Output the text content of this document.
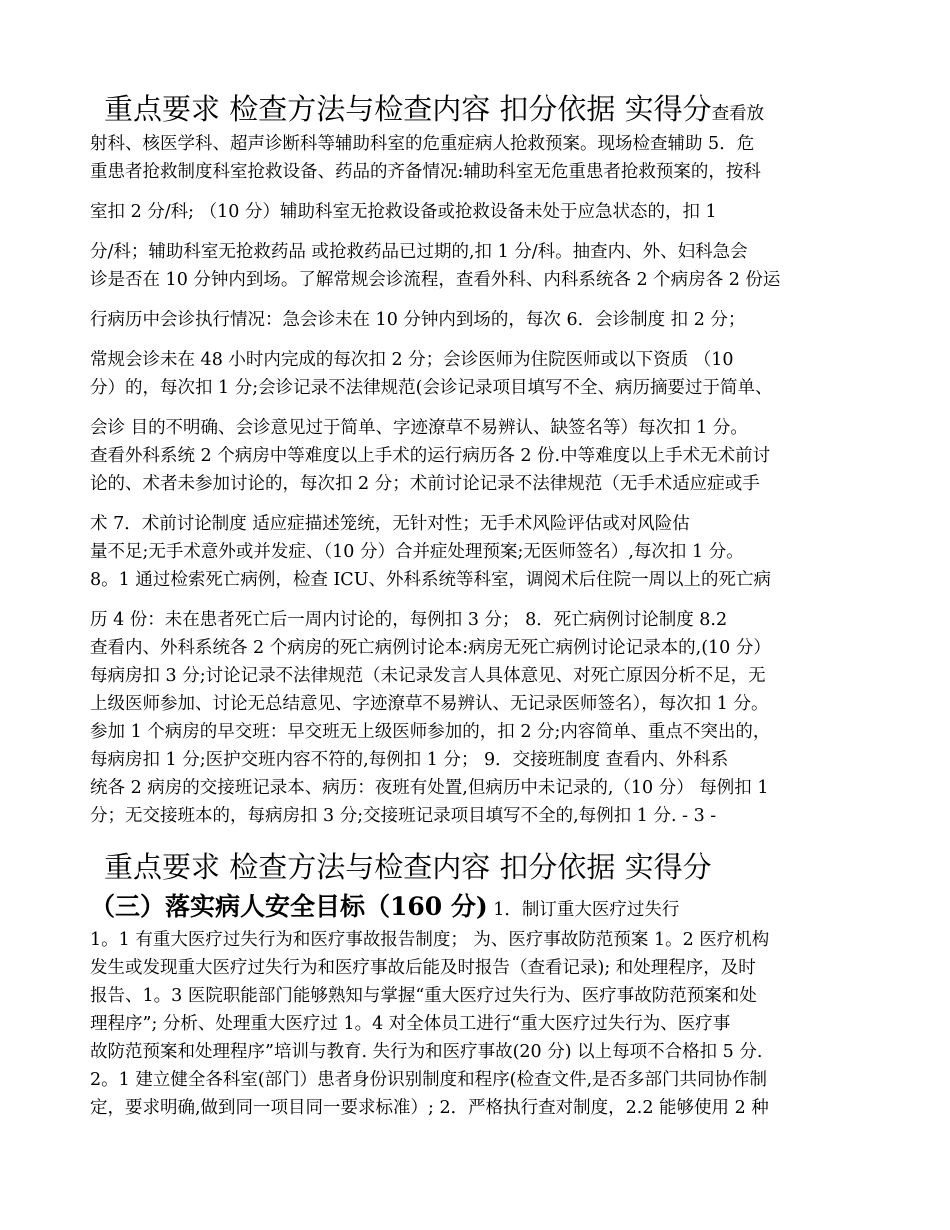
重点要求 检查方法与检查内容 扣分依据 实得分查看放
射科、核医学科、超声诊断科等辅助科室的危重症病人抢救预案。现场检查辅助 5．危
重患者抢救制度科室抢救设备、药品的齐备情况:辅助科室无危重患者抢救预案的，按科
室扣 2 分/科; （10 分）辅助科室无抢救设备或抢救设备未处于应急状态的，扣 1
分/科；辅助科室无抢救药品 或抢救药品已过期的,扣 1 分/科。抽查内、外、妇科急会
诊是否在 10 分钟内到场。了解常规会诊流程，查看外科、内科系统各 2 个病房各 2 份运
行病历中会诊执行情况：急会诊未在 10 分钟内到场的，每次 6．会诊制度 扣 2 分；
常规会诊未在 48 小时内完成的每次扣 2 分；会诊医师为住院医师或以下资质 （10
分）的，每次扣 1 分;会诊记录不法律规范(会诊记录项目填写不全、病历摘要过于简单、
会诊 目的不明确、会诊意见过于简单、字迹潦草不易辨认、缺签名等）每次扣 1 分。
查看外科系统 2 个病房中等难度以上手术的运行病历各 2 份.中等难度以上手术无术前讨
论的、术者未参加讨论的，每次扣 2 分；术前讨论记录不法律规范（无手术适应症或手
术 7．术前讨论制度 适应症描述笼统，无针对性；无手术风险评估或对风险估
量不足;无手术意外或并发症、（10 分）合并症处理预案;无医师签名）,每次扣 1 分。
8。1 通过检索死亡病例，检查 ICU、外科系统等科室，调阅术后住院一周以上的死亡病
历 4 份：未在患者死亡后一周内讨论的，每例扣 3 分； 8．死亡病例讨论制度 8.2
查看内、外科系统各 2 个病房的死亡病例讨论本:病房无死亡病例讨论记录本的,(10 分）
每病房扣 3 分;讨论记录不法律规范（未记录发言人具体意见、对死亡原因分析不足，无
上级医师参加、讨论无总结意见、字迹潦草不易辨认、无记录医师签名），每次扣 1 分。
参加 1 个病房的早交班：早交班无上级医师参加的，扣 2 分;内容简单、重点不突出的，
每病房扣 1 分;医护交班内容不符的,每例扣 1 分； 9．交接班制度 查看内、外科系
统各 2 病房的交接班记录本、病历：夜班有处置,但病历中未记录的,（10 分） 每例扣 1
分；无交接班本的，每病房扣 3 分;交接班记录项目填写不全的,每例扣 1 分. - 3 -
重点要求 检查方法与检查内容 扣分依据 实得分
（三）落实病人安全目标（160 分) 1．制订重大医疗过失行
1。1 有重大医疗过失行为和医疗事故报告制度； 为、医疗事故防范预案 1。2 医疗机构
发生或发现重大医疗过失行为和医疗事故后能及时报告（查看记录); 和处理程序，及时
报告、1。3 医院职能部门能够熟知与掌握“重大医疗过失行为、医疗事故防范预案和处
理程序”; 分析、处理重大医疗过 1。4 对全体员工进行“重大医疗过失行为、医疗事
故防范预案和处理程序”培训与教育. 失行为和医疗事故(20 分) 以上每项不合格扣 5 分.
2。1 建立健全各科室(部门）患者身份识别制度和程序(检查文件,是否多部门共同协作制
定，要求明确,做到同一项目同一要求标准）; 2．严格执行查对制度，2.2 能够使用 2 种
